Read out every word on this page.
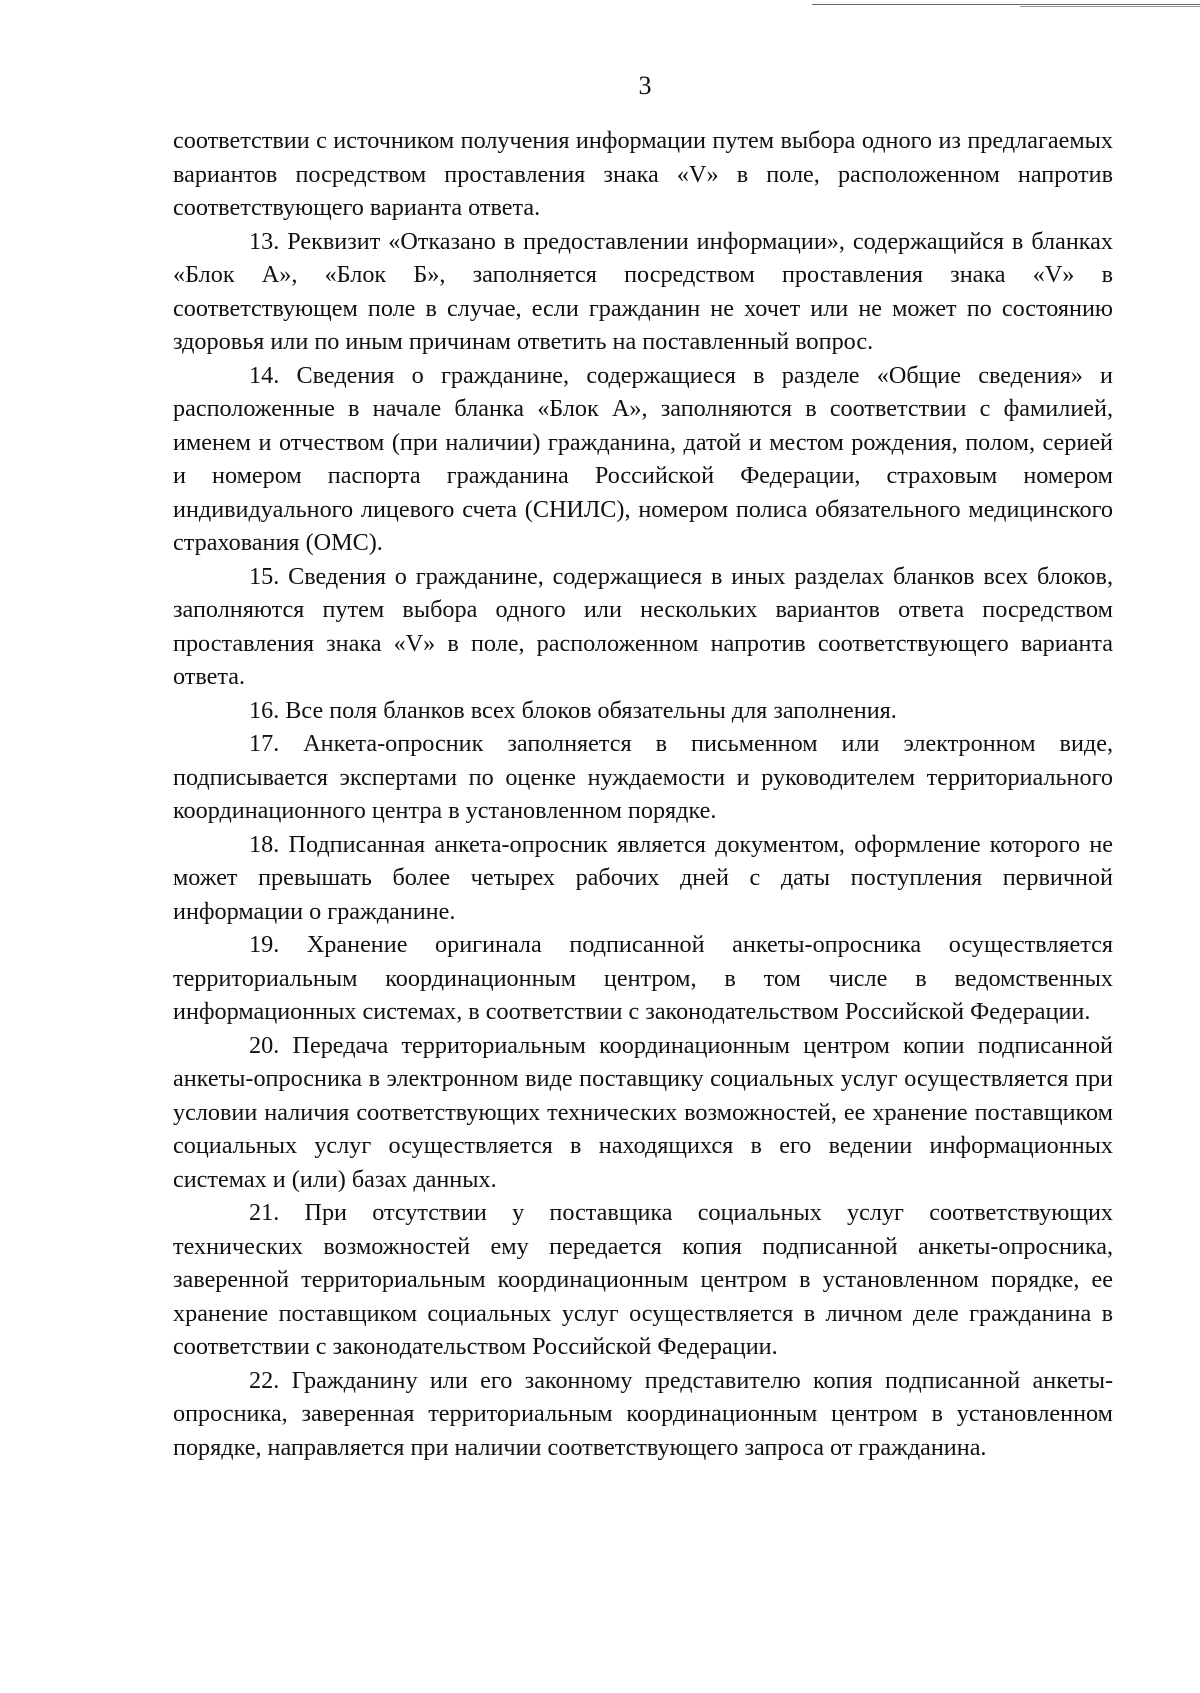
3

соответствии с источником получения информации путем выбора одного из предлагаемых вариантов посредством проставления знака «V» в поле, расположенном напротив соответствующего варианта ответа.

13. Реквизит «Отказано в предоставлении информации», содержащийся в бланках «Блок А», «Блок Б», заполняется посредством проставления знака «V» в соответствующем поле в случае, если гражданин не хочет или не может по состоянию здоровья или по иным причинам ответить на поставленный вопрос.

14. Сведения о гражданине, содержащиеся в разделе «Общие сведения» и расположенные в начале бланка «Блок А», заполняются в соответствии с фамилией, именем и отчеством (при наличии) гражданина, датой и местом рождения, полом, серией и номером паспорта гражданина Российской Федерации, страховым номером индивидуального лицевого счета (СНИЛС), номером полиса обязательного медицинского страхования (ОМС).

15. Сведения о гражданине, содержащиеся в иных разделах бланков всех блоков, заполняются путем выбора одного или нескольких вариантов ответа посредством проставления знака «V» в поле, расположенном напротив соответствующего варианта ответа.

16. Все поля бланков всех блоков обязательны для заполнения.

17. Анкета-опросник заполняется в письменном или электронном виде, подписывается экспертами по оценке нуждаемости и руководителем территориального координационного центра в установленном порядке.

18. Подписанная анкета-опросник является документом, оформление которого не может превышать более четырех рабочих дней с даты поступления первичной информации о гражданине.

19. Хранение оригинала подписанной анкеты-опросника осуществляется территориальным координационным центром, в том числе в ведомственных информационных системах, в соответствии с законодательством Российской Федерации.

20. Передача территориальным координационным центром копии подписанной анкеты-опросника в электронном виде поставщику социальных услуг осуществляется при условии наличия соответствующих технических возможностей, ее хранение поставщиком социальных услуг осуществляется в находящихся в его ведении информационных системах и (или) базах данных.

21. При отсутствии у поставщика социальных услуг соответствующих технических возможностей ему передается копия подписанной анкеты-опросника, заверенной территориальным координационным центром в установленном порядке, ее хранение поставщиком социальных услуг осуществляется в личном деле гражданина в соответствии с законодательством Российской Федерации.

22. Гражданину или его законному представителю копия подписанной анкеты-опросника, заверенная территориальным координационным центром в установленном порядке, направляется при наличии соответствующего запроса от гражданина.
